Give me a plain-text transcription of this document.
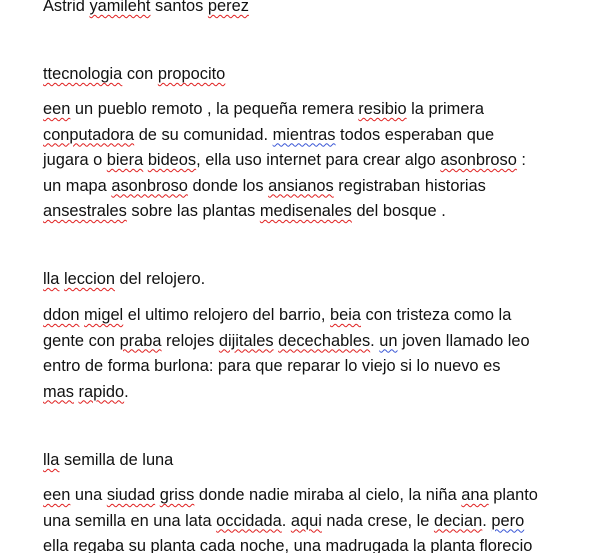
Astrid yamileht santos perez

ttecnologia con propocito

een un pueblo remoto , la pequeña remera resibio la primera

conputadora de su comunidad. mientras todos esperaban que

jugara o biera bideos, ella uso internet para crear algo asonbroso :

un mapa asonbroso donde los ansianos registraban historias

ansestrales sobre las plantas medisenales del bosque .

lla leccion del relojero.

ddon migel el ultimo relojero del barrio, beia con tristeza como la

gente con praba relojes dijitales decechables. un joven llamado leo

entro de forma burlona: para que reparar lo viejo si lo nuevo es

mas rapido.

lla semilla de luna

een una siudad griss donde nadie miraba al cielo, la niña ana planto

una semilla en una lata occidada. aqui nada crese, le decian. pero

ella regaba su planta cada noche, una madrugada la planta florecio
